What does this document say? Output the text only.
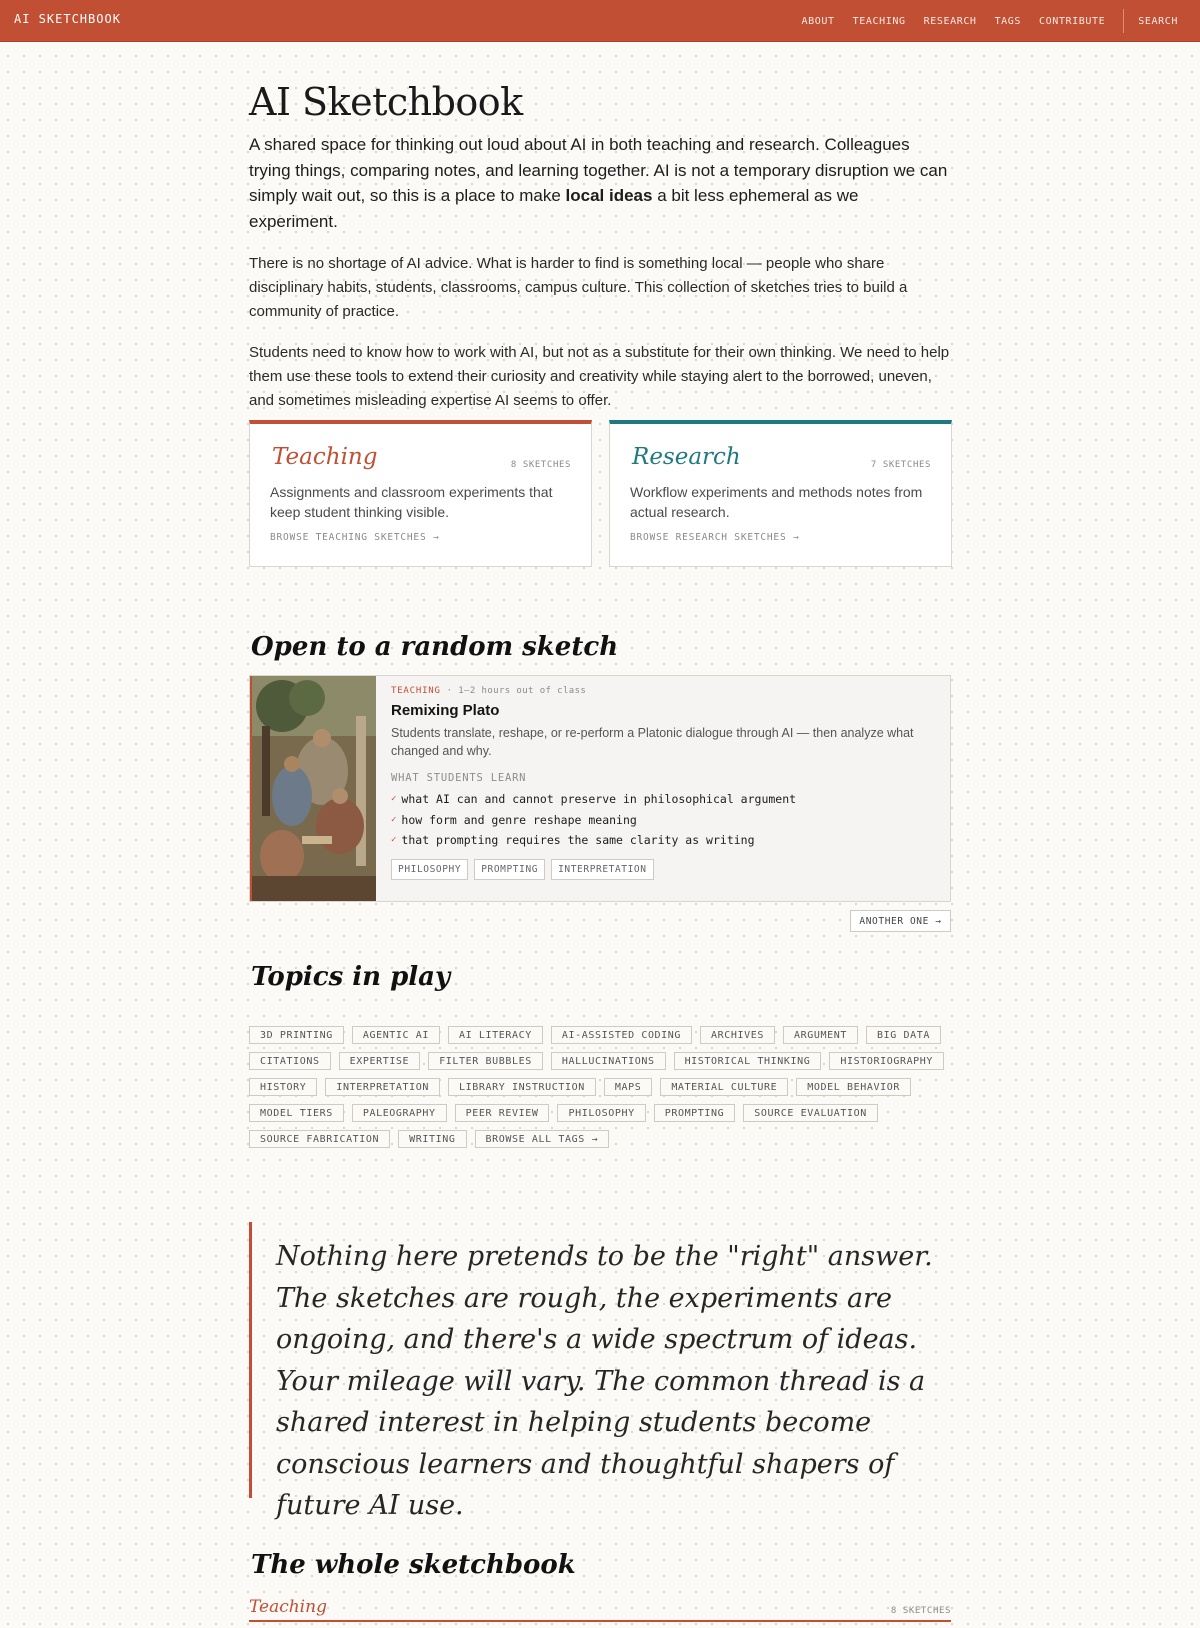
AI SKETCHBOOK	ABOUT TEACHING RESEARCH TAGS CONTRIBUTE	SEARCH
AI Sketchbook

A shared space for thinking out loud about AI in both teaching and research. Colleagues trying things, comparing notes, and learning together. AI is not a temporary disruption we can simply wait out, so this is a place to make local ideas a bit less ephemeral as we experiment.

There is no shortage of AI advice. What is harder to find is something local — people who share disciplinary habits, students, classrooms, campus culture. This collection of sketches tries to build a community of practice.

Students need to know how to work with AI, but not as a substitute for their own thinking. We need to help them use these tools to extend their curiosity and creativity while staying alert to the borrowed, uneven, and sometimes misleading expertise AI seems to offer.

Teaching	8 SKETCHES
Assignments and classroom experiments that keep student thinking visible.
BROWSE TEACHING SKETCHES →
Research	7 SKETCHES
Workflow experiments and methods notes from actual research.
BROWSE RESEARCH SKETCHES →
Open to a random sketch
TEACHING · 1–2 hours out of class
Remixing Plato
Students translate, reshape, or re-perform a Platonic dialogue through AI — then analyze what changed and why.
WHAT STUDENTS LEARN
✓ what AI can and cannot preserve in philosophical argument
✓ how form and genre reshape meaning
✓ that prompting requires the same clarity as writing
PHILOSOPHY	PROMPTING	INTERPRETATION
ANOTHER ONE →
Topics in play
3D PRINTING	AGENTIC AI	AI LITERACY	AI-ASSISTED CODING	ARCHIVES	ARGUMENT	BIG DATA
CITATIONS	EXPERTISE	FILTER BUBBLES	HALLUCINATIONS	HISTORICAL THINKING	HISTORIOGRAPHY
HISTORY	INTERPRETATION	LIBRARY INSTRUCTION	MAPS	MATERIAL CULTURE	MODEL BEHAVIOR
MODEL TIERS	PALEOGRAPHY	PEER REVIEW	PHILOSOPHY	PROMPTING	SOURCE EVALUATION
SOURCE FABRICATION	WRITING	BROWSE ALL TAGS →

Nothing here pretends to be the "right" answer. The sketches are rough, the experiments are ongoing, and there's a wide spectrum of ideas. Your mileage will vary. The common thread is a shared interest in helping students become conscious learners and thoughtful shapers of future AI use.

The whole sketchbook
Teaching	8 SKETCHES
